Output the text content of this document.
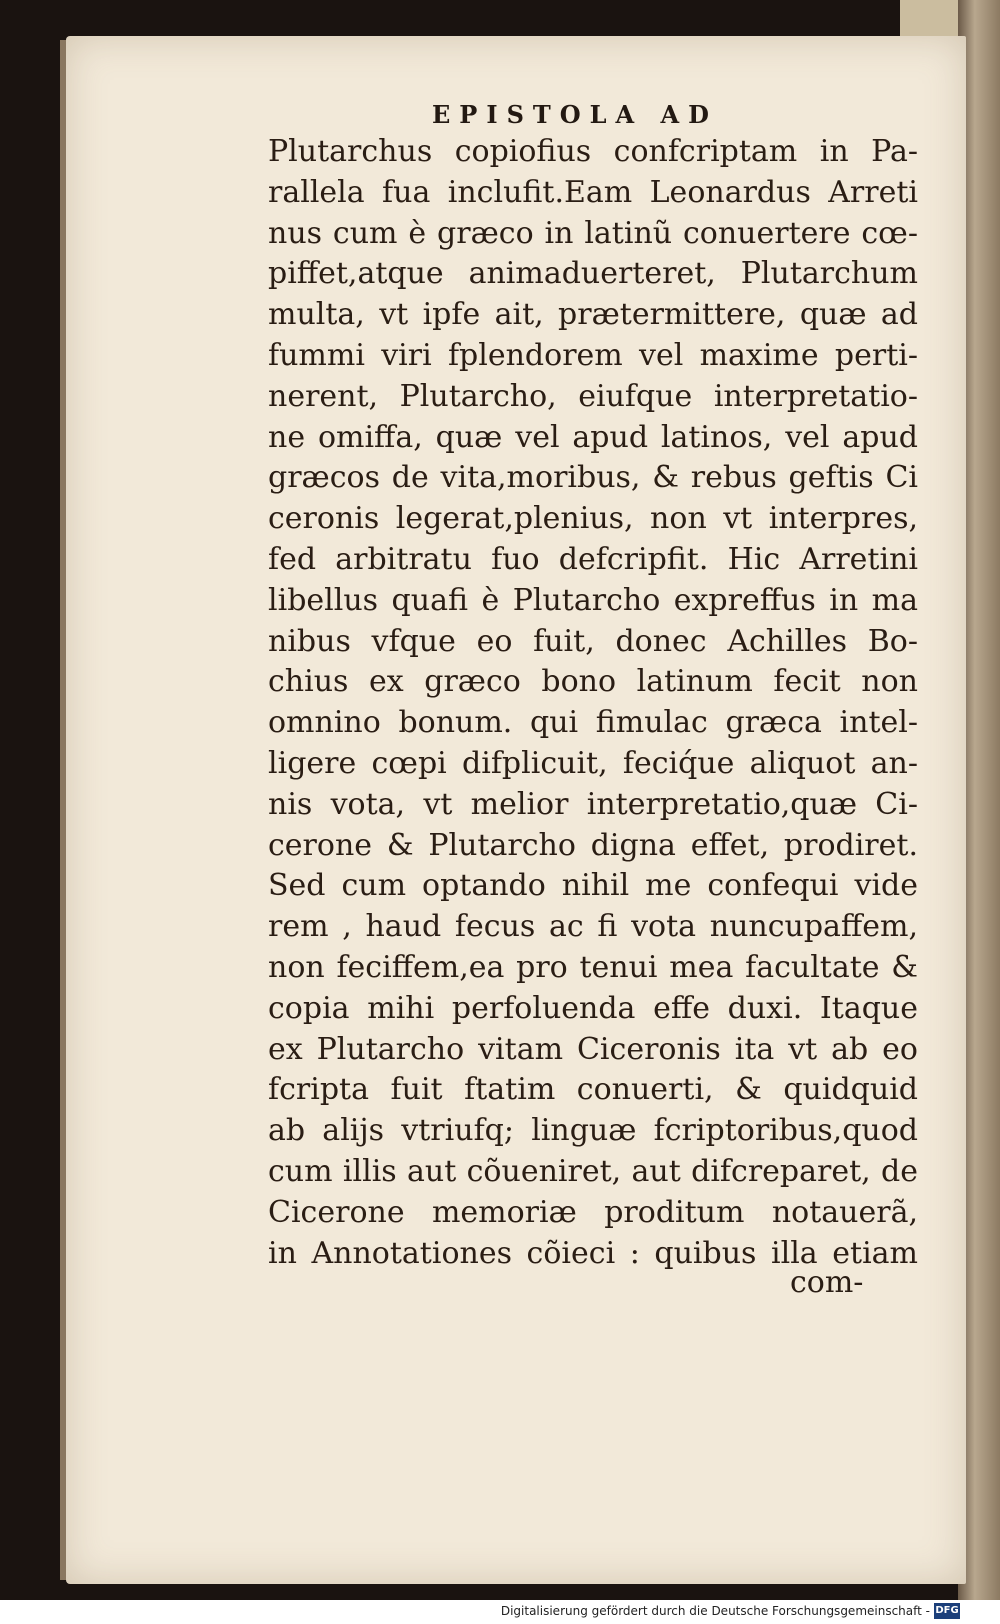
EPISTOLA AD
Plutarchus copiofius confcriptam in Pa-
rallela fua inclufit.Eam Leonardus Arreti
nus cum è græco in latinũ conuertere cœ-
piffet,atque animaduerteret, Plutarchum
multa, vt ipfe ait, prætermittere, quæ ad
fummi viri fplendorem vel maxime perti-
nerent, Plutarcho, eiufque interpretatio-
ne omiffa, quæ vel apud latinos, vel apud
græcos de vita,moribus, & rebus geftis Ci
ceronis legerat,plenius, non vt interpres,
fed arbitratu fuo defcripfit. Hic Arretini
libellus quafi è Plutarcho expreffus in ma
nibus vfque eo fuit, donec Achilles Bo-
chius ex græco bono latinum fecit non
omnino bonum. qui fimulac græca intel-
ligere cœpi difplicuit, feciq́ue aliquot an-
nis vota, vt melior interpretatio,quæ Ci-
cerone & Plutarcho digna effet, prodiret.
Sed cum optando nihil me confequi vide
rem , haud fecus ac fi vota nuncupaffem,
non feciffem,ea pro tenui mea facultate &
copia mihi perfoluenda effe duxi. Itaque
ex Plutarcho vitam Ciceronis ita vt ab eo
fcripta fuit ftatim conuerti, & quidquid
ab alijs vtriufq; linguæ fcriptoribus,quod
cum illis aut cõueniret, aut difcreparet, de
Cicerone memoriæ proditum notauerã,
in Annotationes cõieci : quibus illa etiam
com-
Digitalisierung gefördert durch die Deutsche Forschungsgemeinschaft - DFG
